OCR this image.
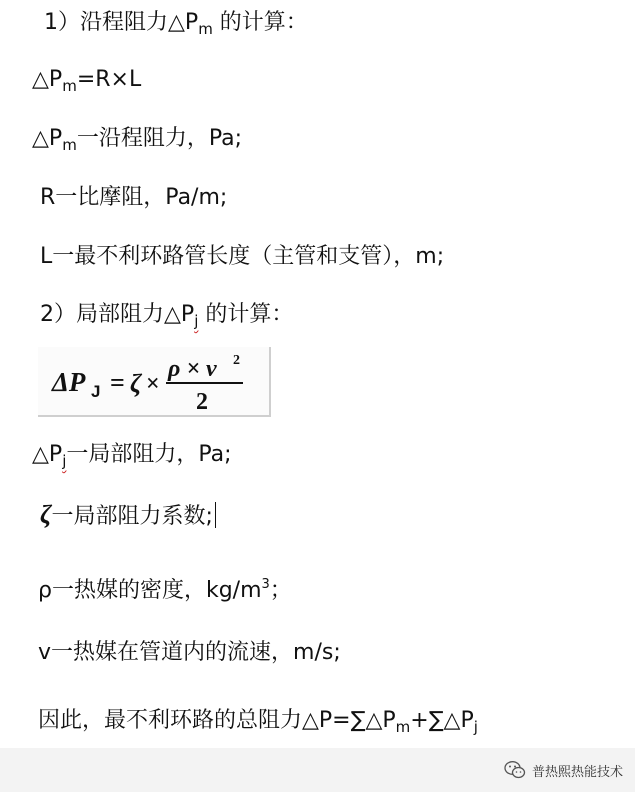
1）沿程阻力$\triangle P_m$ 的计算：
$\triangle P_m=R\times L$
$\triangle P_m$一沿程阻力，Pa;
R一比摩阻，Pa/m;
L一最不利环路管长度（主管和支管），m;
2）局部阻力$\triangle P_j$ 的计算：
ΔP J = ζ ×
ρ × v 2
2
$\triangle P_j$一局部阻力，Pa;
ζ一局部阻力系数;
ρ一热媒的密度，$kg/m^3$；
v一热媒在管道内的流速，m/s;
因此，最不利环路的总阻力$\triangle P=\sum\triangle P_m+\sum\triangle P_j$
普热熙热能技术
